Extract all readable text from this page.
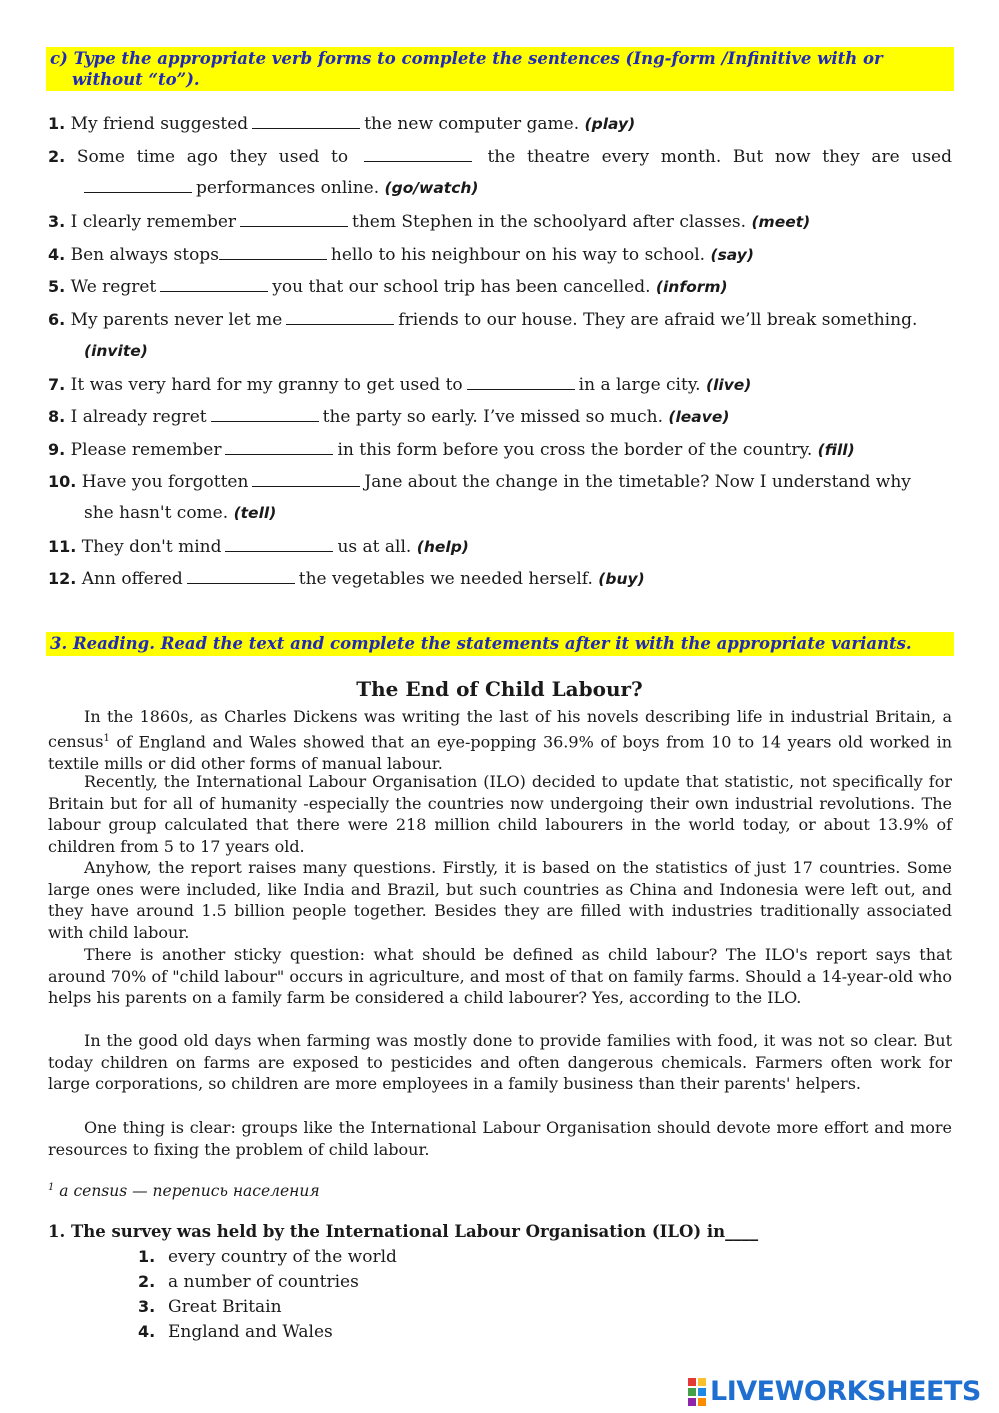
c) Type the appropriate verb forms to complete the sentences (Ing-form /Infinitive with or
without “to”).
1. My friend suggested	the new computer game. (play)
2. Some time ago they used to	the theatre every month. But now they are used
performances online. (go/watch)
3. I clearly remember	them Stephen in the schoolyard after classes. (meet)
4. Ben always stops	hello to his neighbour on his way to school. (say)
5. We regret	you that our school trip has been cancelled. (inform)
6. My parents never let me	friends to our house. They are afraid we’ll break something.
(invite)
7. It was very hard for my granny to get used to	in a large city. (live)
8. I already regret	the party so early. I’ve missed so much. (leave)
9. Please remember	in this form before you cross the border of the country. (fill)
10. Have you forgotten	Jane about the change in the timetable? Now I understand why
she hasn't come. (tell)
11. They don't mind	us at all. (help)
12. Ann offered	the vegetables we needed herself. (buy)
3. Reading. Read the text and complete the statements after it with the appropriate variants.
The End of Child Labour?

In the 1860s, as Charles Dickens was writing the last of his novels describing life in industrial Britain, a census$^1$ of England and Wales showed that an eye-popping 36.9% of boys from 10 to 14 years old worked in textile mills or did other forms of manual labour.

Recently, the International Labour Organisation (ILO) decided to update that statistic, not specifically for Britain but for all of humanity -especially the countries now undergoing their own industrial revolutions. The labour group calculated that there were 218 million child labourers in the world today, or about 13.9% of children from 5 to 17 years old.

Anyhow, the report raises many questions. Firstly, it is based on the statistics of just 17 countries. Some large ones were included, like India and Brazil, but such countries as China and Indonesia were left out, and they have around 1.5 billion people together. Besides they are filled with industries traditionally associated with child labour.

There is another sticky question: what should be defined as child labour? The ILO's report says that around 70% of "child labour" occurs in agriculture, and most of that on family farms. Should a 14-year-old who helps his parents on a family farm be considered a child labourer? Yes, according to the ILO.

In the good old days when farming was mostly done to provide families with food, it was not so clear. But today children on farms are exposed to pesticides and often dangerous chemicals. Farmers often work for large corporations, so children are more employees in a family business than their parents' helpers.

One thing is clear: groups like the International Labour Organisation should devote more effort and more resources to fixing the problem of child labour.

$^1$ a census — перепись населения
1. The survey was held by the International Labour Organisation (ILO) in____
1. every country of the world
2. a number of countries
3. Great Britain
4. England and Wales
LIVEWORKSHEETS
